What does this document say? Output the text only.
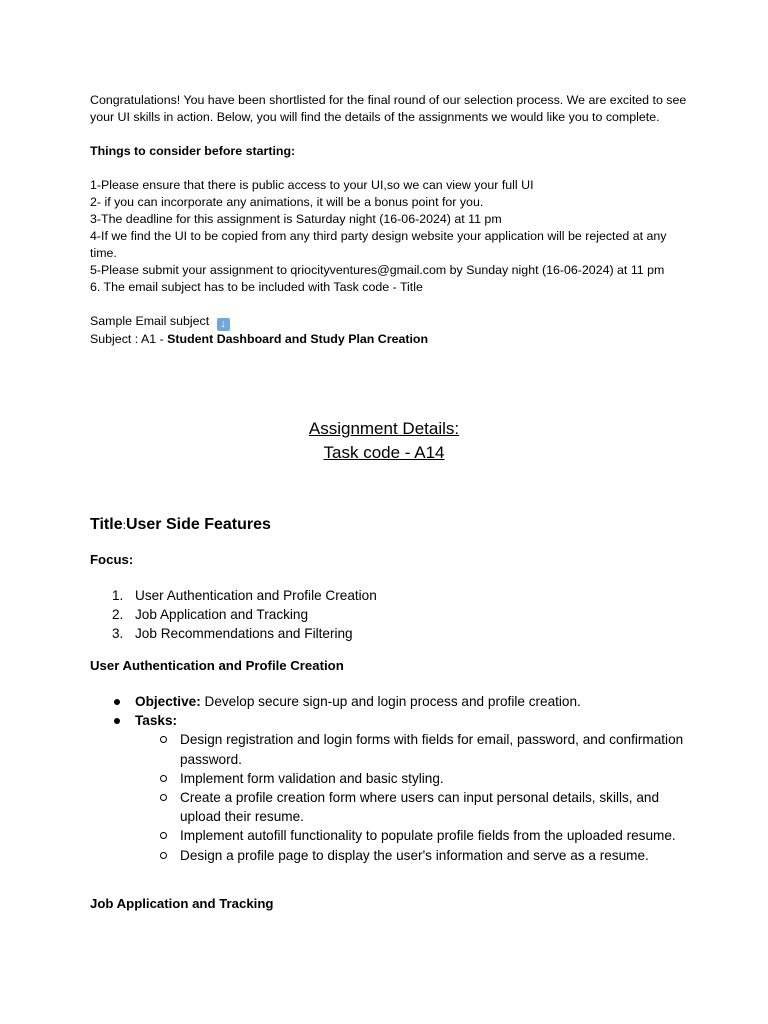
Congratulations! You have been shortlisted for the final round of our selection process. We are excited to see your UI skills in action. Below, you will find the details of the assignments we would like you to complete.

Things to consider before starting:

1-Please ensure that there is public access to your UI,so we can view your full UI

2- if you can incorporate any animations, it will be a bonus point for you.

3-The deadline for this assignment is Saturday night (16-06-2024) at 11 pm

4-If we find the UI to be copied from any third party design website your application will be rejected at any time.

5-Please submit your assignment to qriocityventures@gmail.com by Sunday night (16-06-2024) at 11 pm

6. The email subject has to be included with Task code - Title

Sample Email subject ↓

Subject : A1 - Student Dashboard and Study Plan Creation

Assignment Details:
Task code - A14
Title:User Side Features
Focus:
1. User Authentication and Profile Creation
2. Job Application and Tracking
3. Job Recommendations and Filtering
User Authentication and Profile Creation
Objective: Develop secure sign-up and login process and profile creation.
Tasks:
Design registration and login forms with fields for email, password, and confirmation password.
Implement form validation and basic styling.
Create a profile creation form where users can input personal details, skills, and upload their resume.
Implement autofill functionality to populate profile fields from the uploaded resume.
Design a profile page to display the user's information and serve as a resume.
Job Application and Tracking
